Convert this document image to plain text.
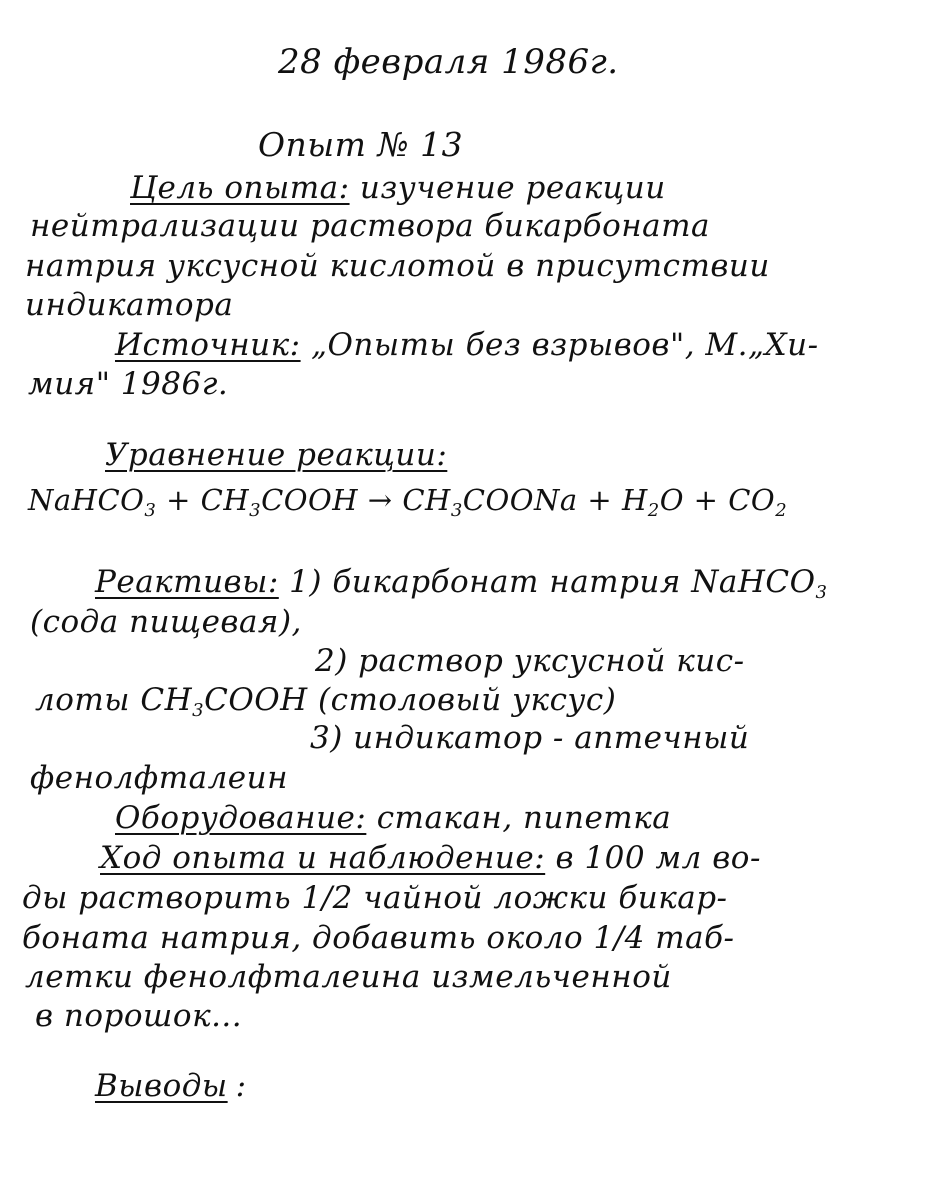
28 февраля 1986г.
Опыт № 13
Цель опыта: изучение реакции
нейтрализации раствора бикарбоната
натрия уксусной кислотой в присутствии
индикатора
Источник: „Опыты без взрывов", М.„Хи-
мия" 1986г.
Уравнение реакции:
NaHCO$_3$ + $CH_3COOH$ → $CH_3COONa + H_2O + CO_2$
Реактивы: 1) бикарбонат натрия NaHCO$_3$
(сода пищевая),
2) раствор уксусной кис-
лоты $CH_3COOH$ (столовый уксус)
3) индикатор - аптечный
фенолфталеин
Оборудование: стакан, пипетка
Ход опыта и наблюдение: в 100 мл во-
ды растворить 1/2 чайной ложки бикар-
боната натрия, добавить около 1/4 таб-
летки фенолфталеина измельченной
в порошок...
Выводы :
